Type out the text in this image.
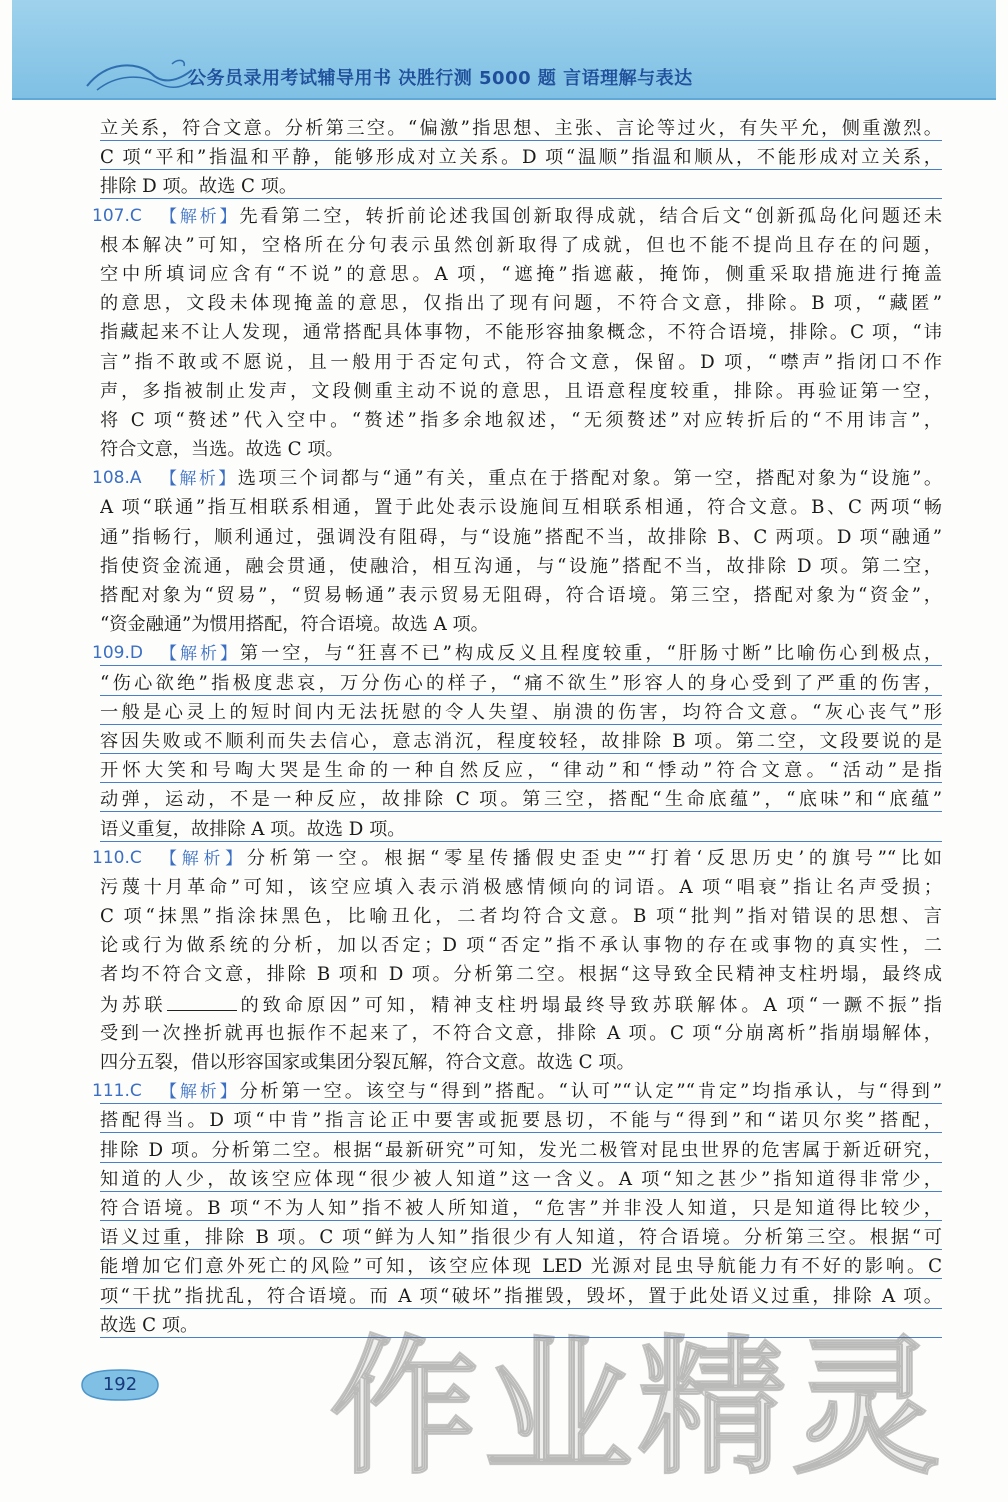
公务员录用考试辅导用书 决胜行测 5000 题 言语理解与表达
立关系，符合文意。分析第三空。“偏激”指思想、主张、言论等过火，有失平允，侧重激烈。
C 项“平和”指温和平静，能够形成对立关系。D 项“温顺”指温和顺从，不能形成对立关系，
排除 D 项。故选 C 项。
107.C 【解析】先看第二空，转折前论述我国创新取得成就，结合后文“创新孤岛化问题还未
根本解决”可知，空格所在分句表示虽然创新取得了成就，但也不能不提尚且存在的问题，
空中所填词应含有“不说”的意思。A 项，“遮掩”指遮蔽，掩饰，侧重采取措施进行掩盖
的意思，文段未体现掩盖的意思，仅指出了现有问题，不符合文意，排除。B 项，“藏匿”
指藏起来不让人发现，通常搭配具体事物，不能形容抽象概念，不符合语境，排除。C 项，“讳
言”指不敢或不愿说，且一般用于否定句式，符合文意，保留。D 项，“噤声”指闭口不作
声，多指被制止发声，文段侧重主动不说的意思，且语意程度较重，排除。再验证第一空，
将 C 项“赘述”代入空中。“赘述”指多余地叙述，“无须赘述”对应转折后的“不用讳言”，
符合文意，当选。故选 C 项。
108.A 【解析】选项三个词都与“通”有关，重点在于搭配对象。第一空，搭配对象为“设施”。
A 项“联通”指互相联系相通，置于此处表示设施间互相联系相通，符合文意。B、C 两项“畅
通”指畅行，顺利通过，强调没有阻碍，与“设施”搭配不当，故排除 B、C 两项。D 项“融通”
指使资金流通，融会贯通，使融洽，相互沟通，与“设施”搭配不当，故排除 D 项。第二空，
搭配对象为“贸易”，“贸易畅通”表示贸易无阻碍，符合语境。第三空，搭配对象为“资金”，
“资金融通”为惯用搭配，符合语境。故选 A 项。
109.D 【解析】第一空，与“狂喜不已”构成反义且程度较重，“肝肠寸断”比喻伤心到极点，
“伤心欲绝”指极度悲哀，万分伤心的样子，“痛不欲生”形容人的身心受到了严重的伤害，
一般是心灵上的短时间内无法抚慰的令人失望、崩溃的伤害，均符合文意。“灰心丧气”形
容因失败或不顺利而失去信心，意志消沉，程度较轻，故排除 B 项。第二空，文段要说的是
开怀大笑和号啕大哭是生命的一种自然反应，“律动”和“悸动”符合文意。“活动”是指
动弹，运动，不是一种反应，故排除 C 项。第三空，搭配“生命底蕴”，“底味”和“底蕴”
语义重复，故排除 A 项。故选 D 项。
110.C 【解析】分析第一空。根据“零星传播假史歪史”“打着‘反思历史’的旗号”“比如
污蔑十月革命”可知，该空应填入表示消极感情倾向的词语。A 项“唱衰”指让名声受损；
C 项“抹黑”指涂抹黑色，比喻丑化，二者均符合文意。B 项“批判”指对错误的思想、言
论或行为做系统的分析，加以否定；D 项“否定”指不承认事物的存在或事物的真实性，二
者均不符合文意，排除 B 项和 D 项。分析第二空。根据“这导致全民精神支柱坍塌，最终成
为苏联	的致命原因”可知，精神支柱坍塌最终导致苏联解体。A 项“一蹶不振”指
受到一次挫折就再也振作不起来了，不符合文意，排除 A 项。C 项“分崩离析”指崩塌解体，
四分五裂，借以形容国家或集团分裂瓦解，符合文意。故选 C 项。
111.C 【解析】分析第一空。该空与“得到”搭配。“认可”“认定”“肯定”均指承认，与“得到”
搭配得当。D 项“中肯”指言论正中要害或扼要恳切，不能与“得到”和“诺贝尔奖”搭配，
排除 D 项。分析第二空。根据“最新研究”可知，发光二极管对昆虫世界的危害属于新近研究，
知道的人少，故该空应体现“很少被人知道”这一含义。A 项“知之甚少”指知道得非常少，
符合语境。B 项“不为人知”指不被人所知道，“危害”并非没人知道，只是知道得比较少，
语义过重，排除 B 项。C 项“鲜为人知”指很少有人知道，符合语境。分析第三空。根据“可
能增加它们意外死亡的风险”可知，该空应体现 LED 光源对昆虫导航能力有不好的影响。C
项“干扰”指扰乱，符合语境。而 A 项“破坏”指摧毁，毁坏，置于此处语义过重，排除 A 项。
故选 C 项。 作业精灵
192
